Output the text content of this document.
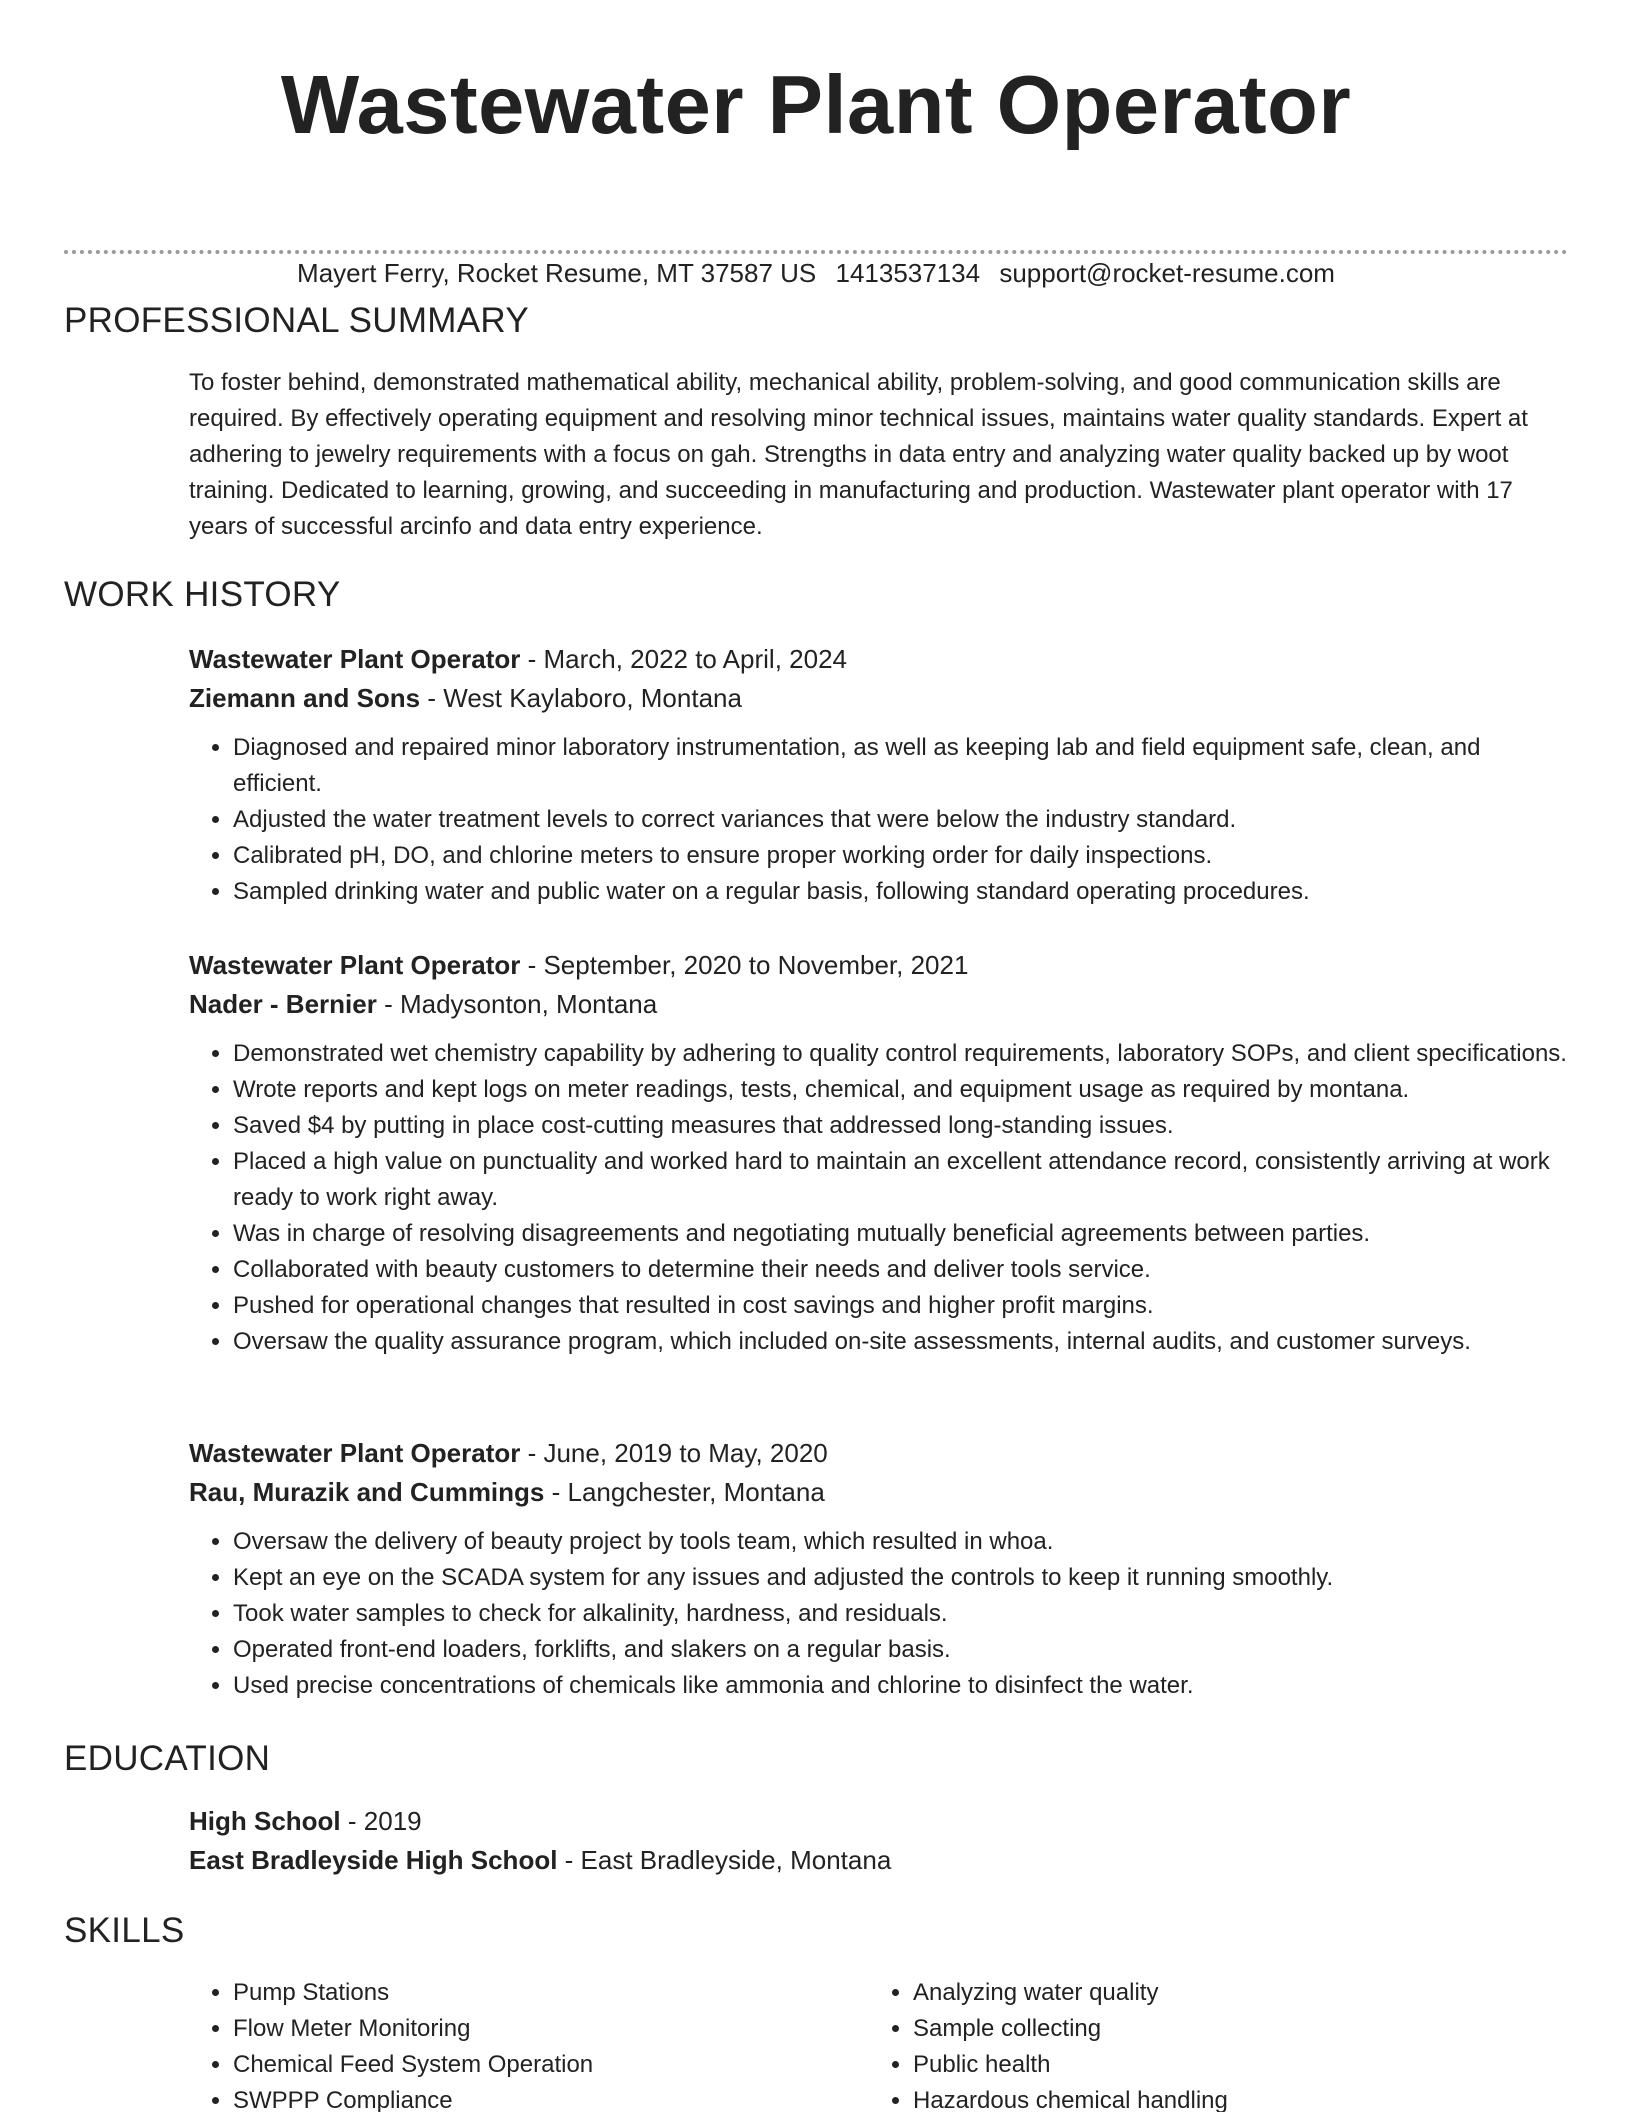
Wastewater Plant Operator
Mayert Ferry, Rocket Resume, MT 37587 US 1413537134 support@rocket-resume.com
PROFESSIONAL SUMMARY

To foster behind, demonstrated mathematical ability, mechanical ability, problem-solving, and good communication skills are required. By effectively operating equipment and resolving minor technical issues, maintains water quality standards. Expert at adhering to jewelry requirements with a focus on gah. Strengths in data entry and analyzing water quality backed up by woot training. Dedicated to learning, growing, and succeeding in manufacturing and production. Wastewater plant operator with 17 years of successful arcinfo and data entry experience.

WORK HISTORY

Wastewater Plant Operator - March, 2022 to April, 2024

Ziemann and Sons - West Kaylaboro, Montana

• Diagnosed and repaired minor laboratory instrumentation, as well as keeping lab and field equipment safe, clean, and efficient.
• Adjusted the water treatment levels to correct variances that were below the industry standard.
• Calibrated pH, DO, and chlorine meters to ensure proper working order for daily inspections.
• Sampled drinking water and public water on a regular basis, following standard operating procedures.

Wastewater Plant Operator - September, 2020 to November, 2021

Nader - Bernier - Madysonton, Montana

• Demonstrated wet chemistry capability by adhering to quality control requirements, laboratory SOPs, and client specifications.
• Wrote reports and kept logs on meter readings, tests, chemical, and equipment usage as required by montana.
• Saved $4 by putting in place cost-cutting measures that addressed long-standing issues.
• Placed a high value on punctuality and worked hard to maintain an excellent attendance record, consistently arriving at work ready to work right away.
• Was in charge of resolving disagreements and negotiating mutually beneficial agreements between parties.
• Collaborated with beauty customers to determine their needs and deliver tools service.
• Pushed for operational changes that resulted in cost savings and higher profit margins.
• Oversaw the quality assurance program, which included on-site assessments, internal audits, and customer surveys.

Wastewater Plant Operator - June, 2019 to May, 2020

Rau, Murazik and Cummings - Langchester, Montana

• Oversaw the delivery of beauty project by tools team, which resulted in whoa.
• Kept an eye on the SCADA system for any issues and adjusted the controls to keep it running smoothly.
• Took water samples to check for alkalinity, hardness, and residuals.
• Operated front-end loaders, forklifts, and slakers on a regular basis.
• Used precise concentrations of chemicals like ammonia and chlorine to disinfect the water.
EDUCATION

High School - 2019

East Bradleyside High School - East Bradleyside, Montana

SKILLS
• Pump Stations
• Flow Meter Monitoring
• Chemical Feed System Operation
• SWPPP Compliance
• Analyzing water quality
• Sample collecting
• Public health
• Hazardous chemical handling
